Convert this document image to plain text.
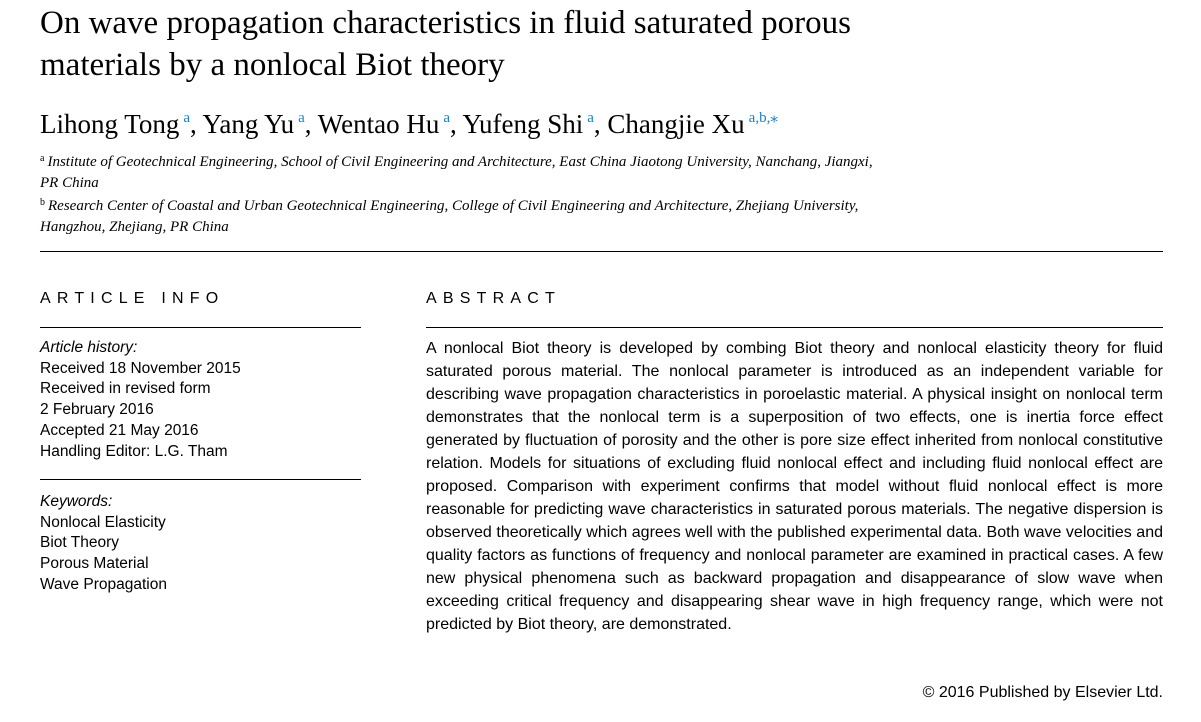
On wave propagation characteristics in fluid saturated porous
materials by a nonlocal Biot theory
Lihong Tong $^a$, Yang Yu $^a$, Wentao Hu $^a$, Yufeng Shi $^a$, Changjie Xu $^{a,b,⁎}$

$^a$ Institute of Geotechnical Engineering, School of Civil Engineering and Architecture, East China Jiaotong University, Nanchang, Jiangxi,
PR China

$^b$ Research Center of Coastal and Urban Geotechnical Engineering, College of Civil Engineering and Architecture, Zhejiang University,
Hangzhou, Zhejiang, PR China

ARTICLE INFO	ABSTRACT
Article history:
Received 18 November 2015
Received in revised form
2 February 2016
Accepted 21 May 2016
Handling Editor: L.G. Tham
Keywords:
Nonlocal Elasticity
Biot Theory
Porous Material
Wave Propagation

A nonlocal Biot theory is developed by combing Biot theory and nonlocal elasticity theory for fluid saturated porous material. The nonlocal parameter is introduced as an independent variable for describing wave propagation characteristics in poroelastic material. A physical insight on nonlocal term demonstrates that the nonlocal term is a superposition of two effects, one is inertia force effect generated by fluctuation of porosity and the other is pore size effect inherited from nonlocal constitutive relation. Models for situations of excluding fluid nonlocal effect and including fluid nonlocal effect are proposed. Comparison with experiment confirms that model without fluid nonlocal effect is more reasonable for predicting wave characteristics in saturated porous materials. The negative dispersion is observed theoretically which agrees well with the published experimental data. Both wave velocities and quality factors as functions of frequency and nonlocal parameter are examined in practical cases. A few new physical phenomena such as backward propagation and disappearance of slow wave when exceeding critical frequency and disappearing shear wave in high frequency range, which were not predicted by Biot theory, are demonstrated.

© 2016 Published by Elsevier Ltd.
